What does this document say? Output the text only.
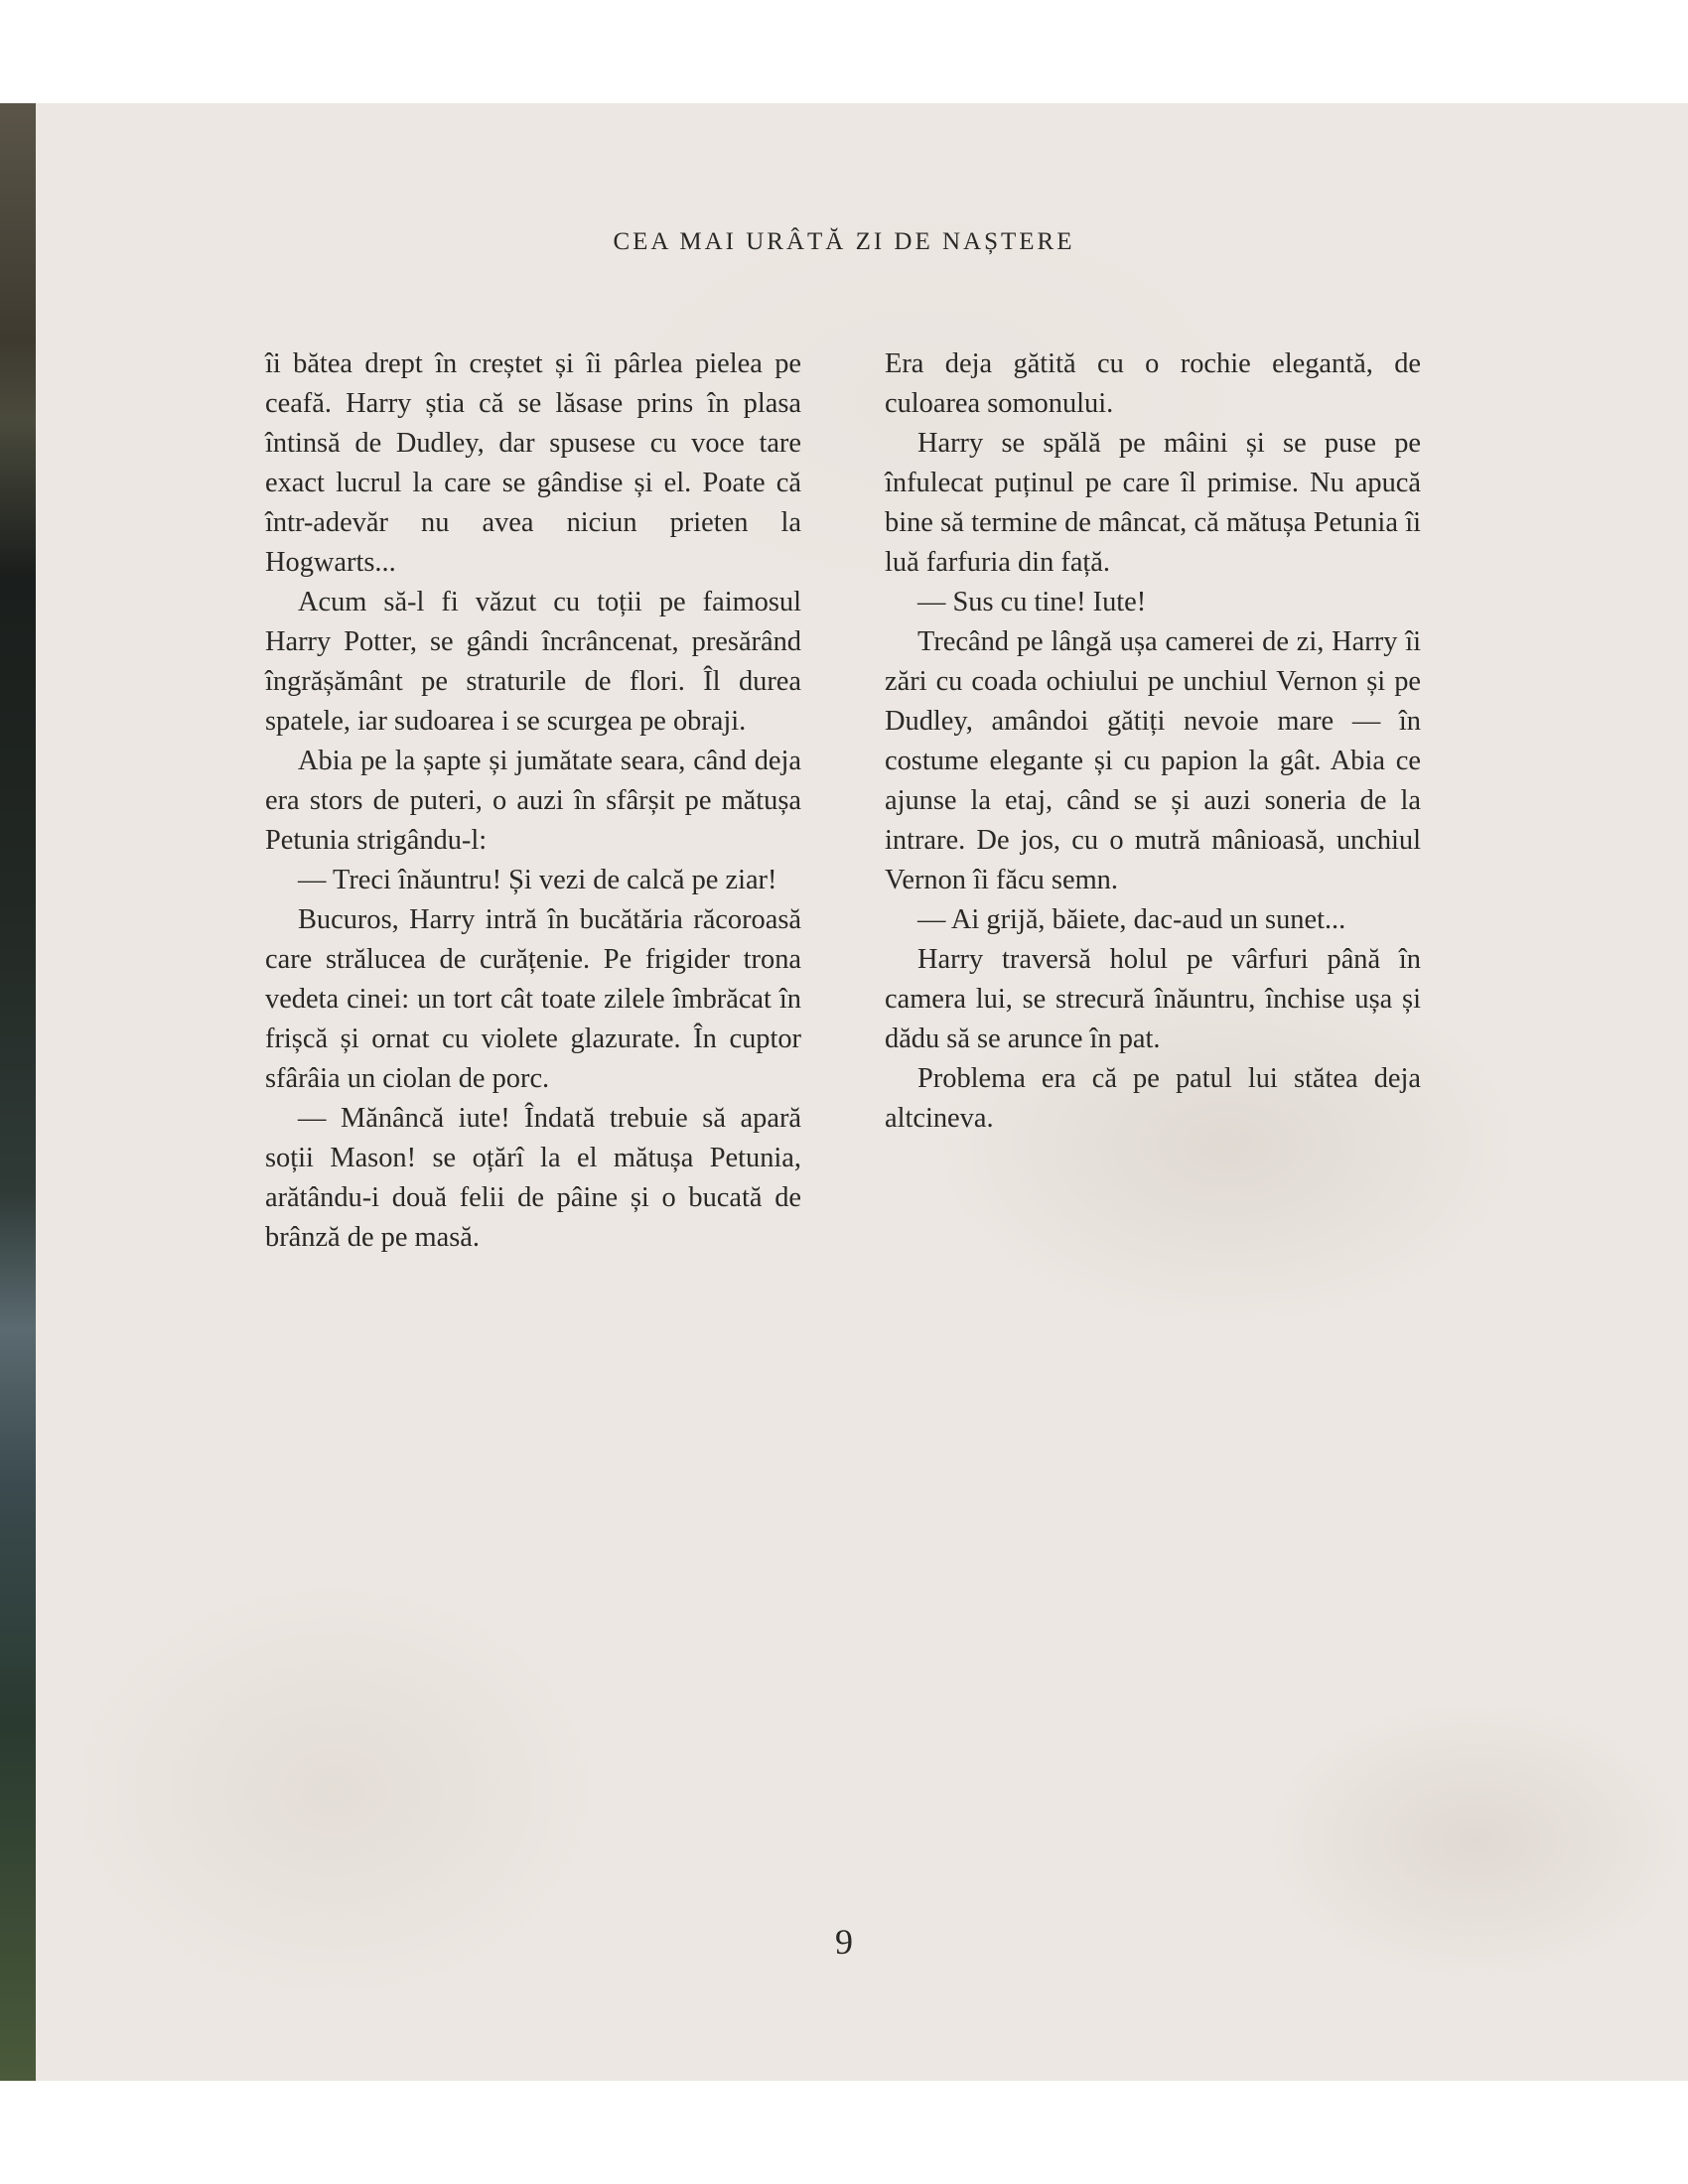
CEA MAI URÂTĂ ZI DE NAȘTERE

îi bătea drept în creștet și îi pârlea pielea pe ceafă. Harry știa că se lăsase prins în plasa întinsă de Dudley, dar spusese cu voce tare exact lucrul la care se gândise și el. Poate că într-adevăr nu avea niciun prieten la Hogwarts...

Acum să-l fi văzut cu toții pe faimosul Harry Potter, se gândi încrâncenat, presărând îngrășământ pe straturile de flori. Îl durea spatele, iar sudoarea i se scurgea pe obraji.

Abia pe la șapte și jumătate seara, când deja era stors de puteri, o auzi în sfârșit pe mătușa Petunia strigându-l:

— Treci înăuntru! Și vezi de calcă pe ziar!

Bucuros, Harry intră în bucătăria răcoroasă care strălucea de curățenie. Pe frigider trona vedeta cinei: un tort cât toate zilele îmbrăcat în frișcă și ornat cu violete glazurate. În cuptor sfârâia un ciolan de porc.

— Mănâncă iute! Îndată trebuie să apară soții Mason! se oțărî la el mătușa Petunia, arătându-i două felii de pâine și o bucată de brânză de pe masă.

Era deja gătită cu o rochie elegantă, de culoarea somonului.

Harry se spălă pe mâini și se puse pe înfulecat puținul pe care îl primise. Nu apucă bine să termine de mâncat, că mătușa Petunia îi luă farfuria din față.

— Sus cu tine! Iute!

Trecând pe lângă ușa camerei de zi, Harry îi zări cu coada ochiului pe unchiul Vernon și pe Dudley, amândoi gătiți nevoie mare — în costume elegante și cu papion la gât. Abia ce ajunse la etaj, când se și auzi soneria de la intrare. De jos, cu o mutră mânioasă, unchiul Vernon îi făcu semn.

— Ai grijă, băiete, dac-aud un sunet...

Harry traversă holul pe vârfuri până în camera lui, se strecură înăuntru, închise ușa și dădu să se arunce în pat.

Problema era că pe patul lui stătea deja altcineva.

9
